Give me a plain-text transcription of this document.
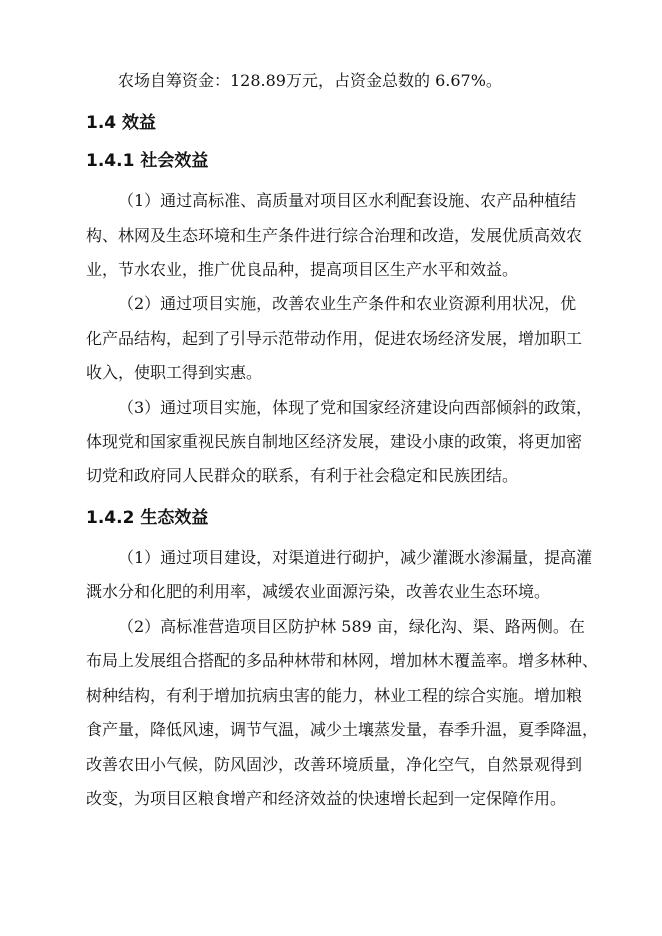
农场自筹资金：128.89万元，占资金总数的 6.67%。
1.4 效益
1.4.1 社会效益
（1）通过高标准、高质量对项目区水利配套设施、农产品种植结
构、林网及生态环境和生产条件进行综合治理和改造，发展优质高效农
业，节水农业，推广优良品种，提高项目区生产水平和效益。
（2）通过项目实施，改善农业生产条件和农业资源利用状况，优
化产品结构，起到了引导示范带动作用，促进农场经济发展，增加职工
收入，使职工得到实惠。
（3）通过项目实施，体现了党和国家经济建设向西部倾斜的政策，
体现党和国家重视民族自制地区经济发展，建设小康的政策，将更加密
切党和政府同人民群众的联系，有利于社会稳定和民族团结。
1.4.2 生态效益
（1）通过项目建设，对渠道进行砌护，减少灌溉水渗漏量，提高灌
溉水分和化肥的利用率，减缓农业面源污染，改善农业生态环境。
（2）高标准营造项目区防护林 589 亩，绿化沟、渠、路两侧。在
布局上发展组合搭配的多品种林带和林网，增加林木覆盖率。增多林种、
树种结构，有利于增加抗病虫害的能力，林业工程的综合实施。增加粮
食产量，降低风速，调节气温，减少土壤蒸发量，春季升温，夏季降温，
改善农田小气候，防风固沙，改善环境质量，净化空气，自然景观得到
改变，为项目区粮食增产和经济效益的快速增长起到一定保障作用。
